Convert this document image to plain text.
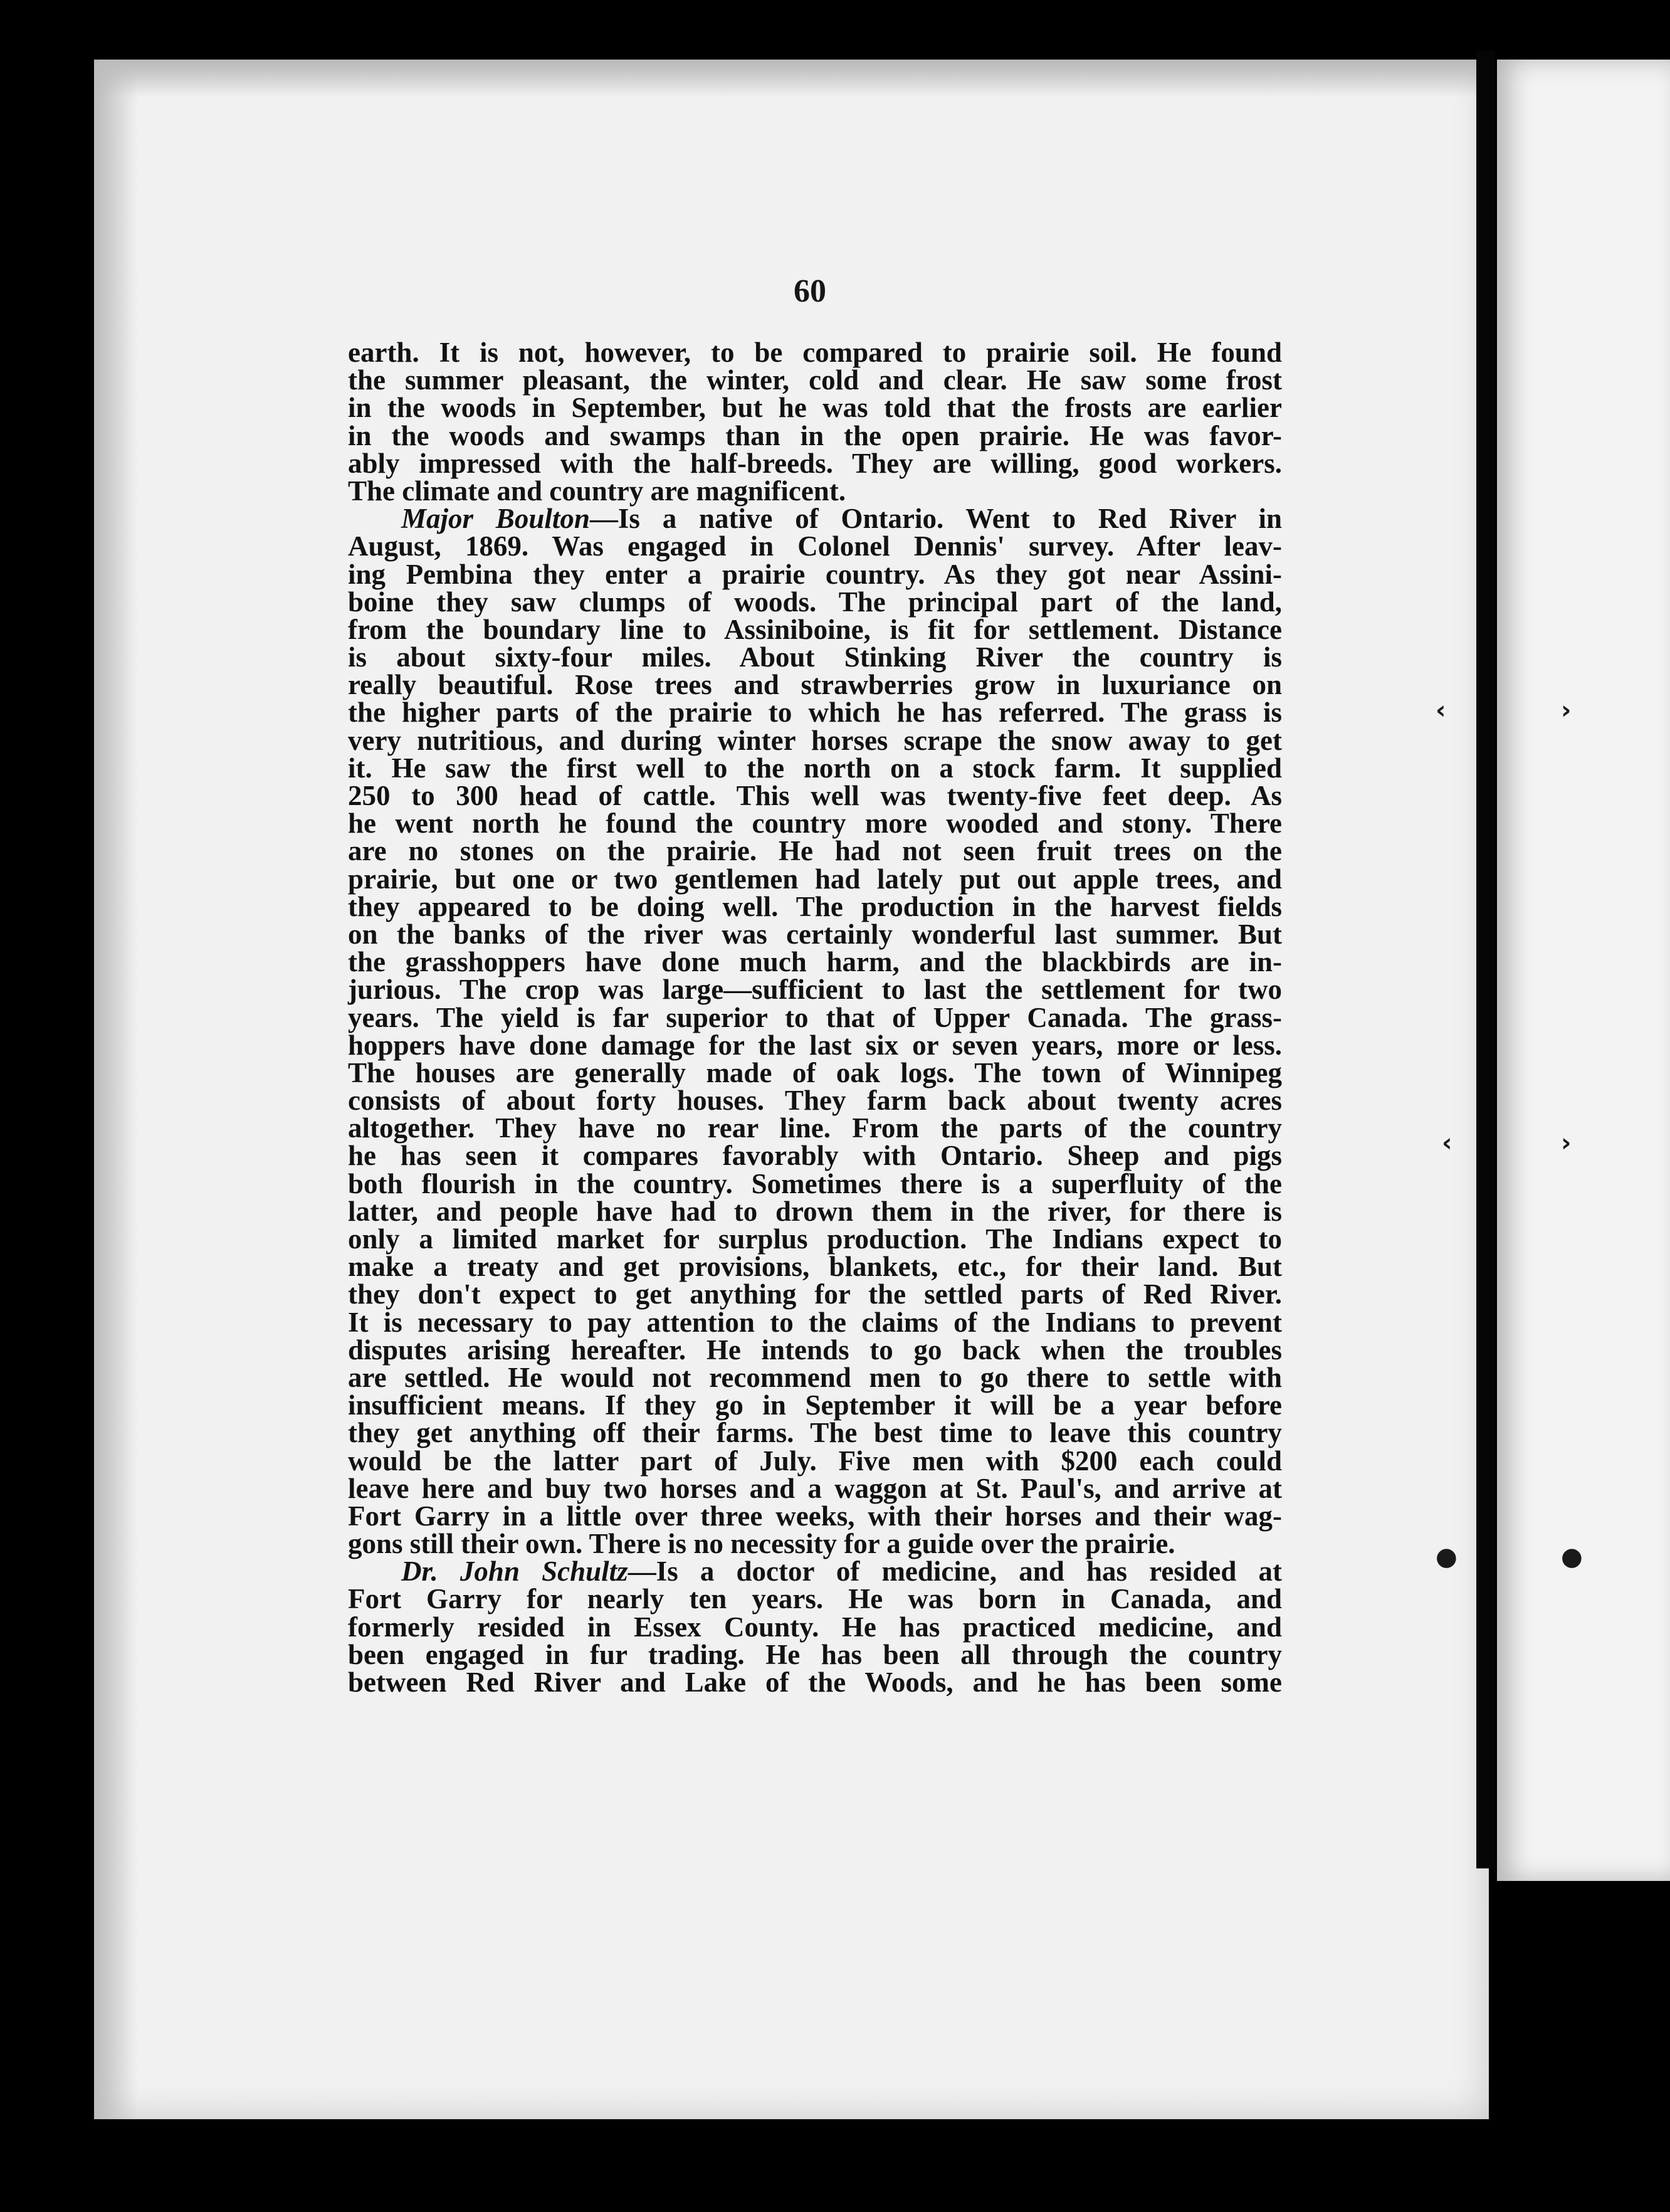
‹	›
‹	›
●	●
60
earth. It is not, however, to be compared to prairie soil. He found
the summer pleasant, the winter, cold and clear. He saw some frost
in the woods in September, but he was told that the frosts are earlier
in the woods and swamps than in the open prairie. He was favor-
ably impressed with the half-breeds. They are willing, good workers.
The climate and country are magnificent.
Major Boulton—Is a native of Ontario. Went to Red River in
August, 1869. Was engaged in Colonel Dennis' survey. After leav-
ing Pembina they enter a prairie country. As they got near Assini-
boine they saw clumps of woods. The principal part of the land,
from the boundary line to Assiniboine, is fit for settlement. Distance
is about sixty-four miles. About Stinking River the country is
really beautiful. Rose trees and strawberries grow in luxuriance on
the higher parts of the prairie to which he has referred. The grass is
very nutritious, and during winter horses scrape the snow away to get
it. He saw the first well to the north on a stock farm. It supplied
250 to 300 head of cattle. This well was twenty-five feet deep. As
he went north he found the country more wooded and stony. There
are no stones on the prairie. He had not seen fruit trees on the
prairie, but one or two gentlemen had lately put out apple trees, and
they appeared to be doing well. The production in the harvest fields
on the banks of the river was certainly wonderful last summer. But
the grasshoppers have done much harm, and the blackbirds are in-
jurious. The crop was large—sufficient to last the settlement for two
years. The yield is far superior to that of Upper Canada. The grass-
hoppers have done damage for the last six or seven years, more or less.
The houses are generally made of oak logs. The town of Winnipeg
consists of about forty houses. They farm back about twenty acres
altogether. They have no rear line. From the parts of the country
he has seen it compares favorably with Ontario. Sheep and pigs
both flourish in the country. Sometimes there is a superfluity of the
latter, and people have had to drown them in the river, for there is
only a limited market for surplus production. The Indians expect to
make a treaty and get provisions, blankets, etc., for their land. But
they don't expect to get anything for the settled parts of Red River.
It is necessary to pay attention to the claims of the Indians to prevent
disputes arising hereafter. He intends to go back when the troubles
are settled. He would not recommend men to go there to settle with
insufficient means. If they go in September it will be a year before
they get anything off their farms. The best time to leave this country
would be the latter part of July. Five men with $200 each could
leave here and buy two horses and a waggon at St. Paul's, and arrive at
Fort Garry in a little over three weeks, with their horses and their wag-
gons still their own. There is no necessity for a guide over the prairie.
Dr. John Schultz—Is a doctor of medicine, and has resided at
Fort Garry for nearly ten years. He was born in Canada, and
formerly resided in Essex County. He has practiced medicine, and
been engaged in fur trading. He has been all through the country
between Red River and Lake of the Woods, and he has been some
